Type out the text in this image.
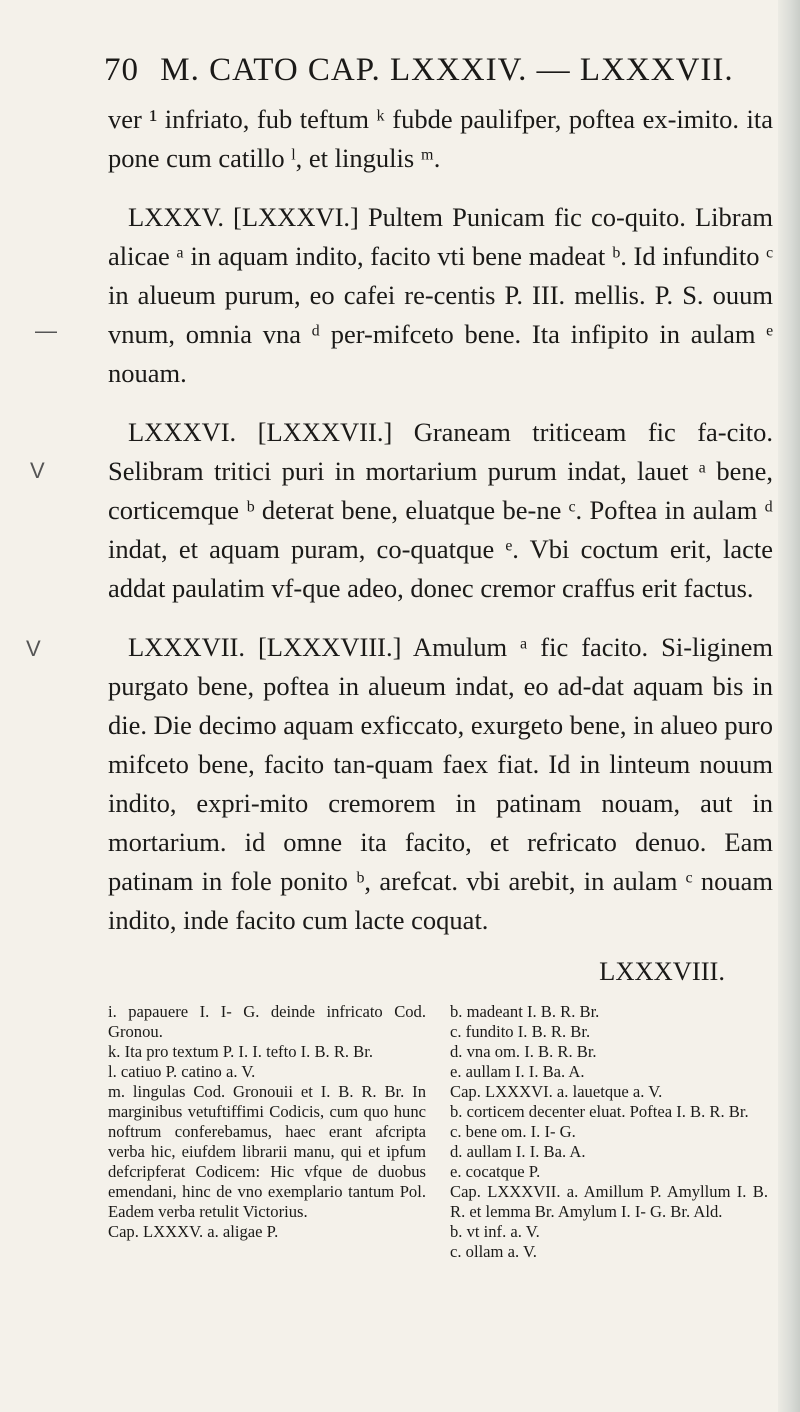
70 M. CATO CAP. LXXXIV. — LXXXVII.
—
V
V

ver ¹ infriato, fub teftum ᵏ fubde paulifper, poftea ex-imito. ita pone cum catillo ˡ, et lingulis ᵐ.

LXXXV. [LXXXVI.] Pultem Punicam fic co-quito. Libram alicae ᵃ in aquam indito, facito vti bene madeat ᵇ. Id infundito ᶜ in alueum purum, eo cafei re-centis P. III. mellis. P. S. ouum vnum, omnia vna ᵈ per-mifceto bene. Ita infipito in aulam ᵉ nouam.

LXXXVI. [LXXXVII.] Graneam triticeam fic fa-cito. Selibram tritici puri in mortarium purum indat, lauet ᵃ bene, corticemque ᵇ deterat bene, eluatque be-ne ᶜ. Poftea in aulam ᵈ indat, et aquam puram, co-quatque ᵉ. Vbi coctum erit, lacte addat paulatim vf-que adeo, donec cremor craffus erit factus.

LXXXVII. [LXXXVIII.] Amulum ᵃ fic facito. Si-liginem purgato bene, poftea in alueum indat, eo ad-dat aquam bis in die. Die decimo aquam exficcato, exurgeto bene, in alueo puro mifceto bene, facito tan-quam faex fiat. Id in linteum nouum indito, expri-mito cremorem in patinam nouam, aut in mortarium. id omne ita facito, et refricato denuo. Eam patinam in fole ponito ᵇ, arefcat. vbi arebit, in aulam ᶜ nouam indito, inde facito cum lacte coquat.

LXXXVIII.

i. papauere I. I- G. deinde infricato Cod. Gronou.

k. Ita pro textum P. I. I. tefto I. B. R. Br.

l. catiuo P. catino a. V.

m. lingulas Cod. Gronouii et I. B. R. Br. In marginibus vetuftiffimi Codicis, cum quo hunc noftrum conferebamus, haec erant afcripta verba hic, eiufdem librarii manu, qui et ipfum defcripferat Codicem: Hic vfque de duobus emendani, hinc de vno exemplario tantum Pol. Eadem verba retulit Victorius.

Cap. LXXXV. a. aligae P.

b. madeant I. B. R. Br.

c. fundito I. B. R. Br.

d. vna om. I. B. R. Br.

e. aullam I. I. Ba. A.

Cap. LXXXVI. a. lauetque a. V.

b. corticem decenter eluat. Poftea I. B. R. Br.

c. bene om. I. I- G.

d. aullam I. I. Ba. A.

e. cocatque P.

Cap. LXXXVII. a. Amillum P. Amyllum I. B. R. et lemma Br. Amylum I. I- G. Br. Ald.

b. vt inf. a. V.

c. ollam a. V.
